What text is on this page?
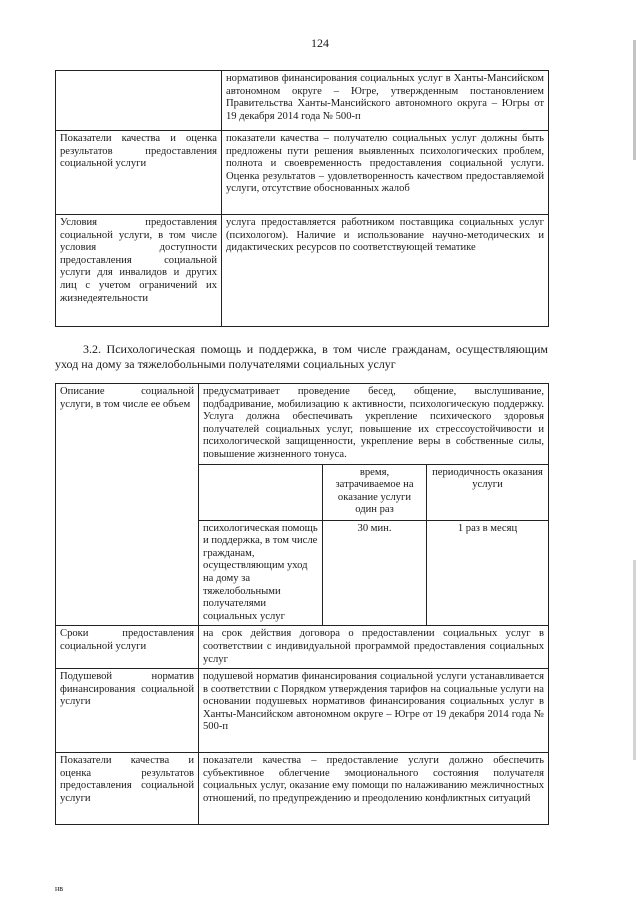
124
	нормативов финансирования социальных услуг в Ханты-Мансийском автономном округе – Югре, утвержденным постановлением Правительства Ханты-Мансийского автономного округа – Югры от 19 декабря 2014 года № 500-п
Показатели качества и оценка результатов предоставления социальной услуги	показатели качества – получателю социальных услуг должны быть предложены пути решения выявленных психологических проблем, полнота и своевременность предоставления социальной услуги. Оценка результатов – удовлетворенность качеством предоставляемой услуги, отсутствие обоснованных жалоб
Условия предоставления социальной услуги, в том числе условия доступности предоставления социальной услуги для инвалидов и других лиц с учетом ограничений их жизнедеятельности	услуга предоставляется работником поставщика социальных услуг (психологом). Наличие и использование научно-методических и дидактических ресурсов по соответствующей тематике
3.2. Психологическая помощь и поддержка, в том числе гражданам, осуществляющим уход на дому за тяжелобольными получателями социальных услуг
Описание социальной услуги, в том числе ее объем	предусматривает проведение бесед, общение, выслушивание, подбадривание, мобилизацию к активности, психологическую поддержку. Услуга должна обеспечивать укрепление психического здоровья получателей социальных услуг, повышение их стрессоустойчивости и психологической защищенности, укрепление веры в собственные силы, повышение жизненного тонуса.		
		время, затрачиваемое на оказание услуги один раз	периодичность оказания услуги
	психологическая помощь и поддержка, в том числе гражданам, осуществляющим уход на дому за тяжелобольными получателями социальных услуг	30 мин.	1 раз в месяц
Сроки предоставления социальной услуги	на срок действия договора о предоставлении социальных услуг в соответствии с индивидуальной программой предоставления социальных услуг		
Подушевой норматив финансирования социальной услуги	подушевой норматив финансирования социальной услуги устанавливается в соответствии с Порядком утверждения тарифов на социальные услуги на основании подушевых нормативов финансирования социальных услуг в Ханты-Мансийском автономном округе – Югре от 19 декабря 2014 года № 500-п		
Показатели качества и оценка результатов предоставления социальной услуги	показатели качества – предоставление услуги должно обеспечить субъективное облегчение эмоционального состояния получателя социальных услуг, оказание ему помощи по налаживанию межличностных отношений, по предупреждению и преодолению конфликтных ситуаций		
нв
